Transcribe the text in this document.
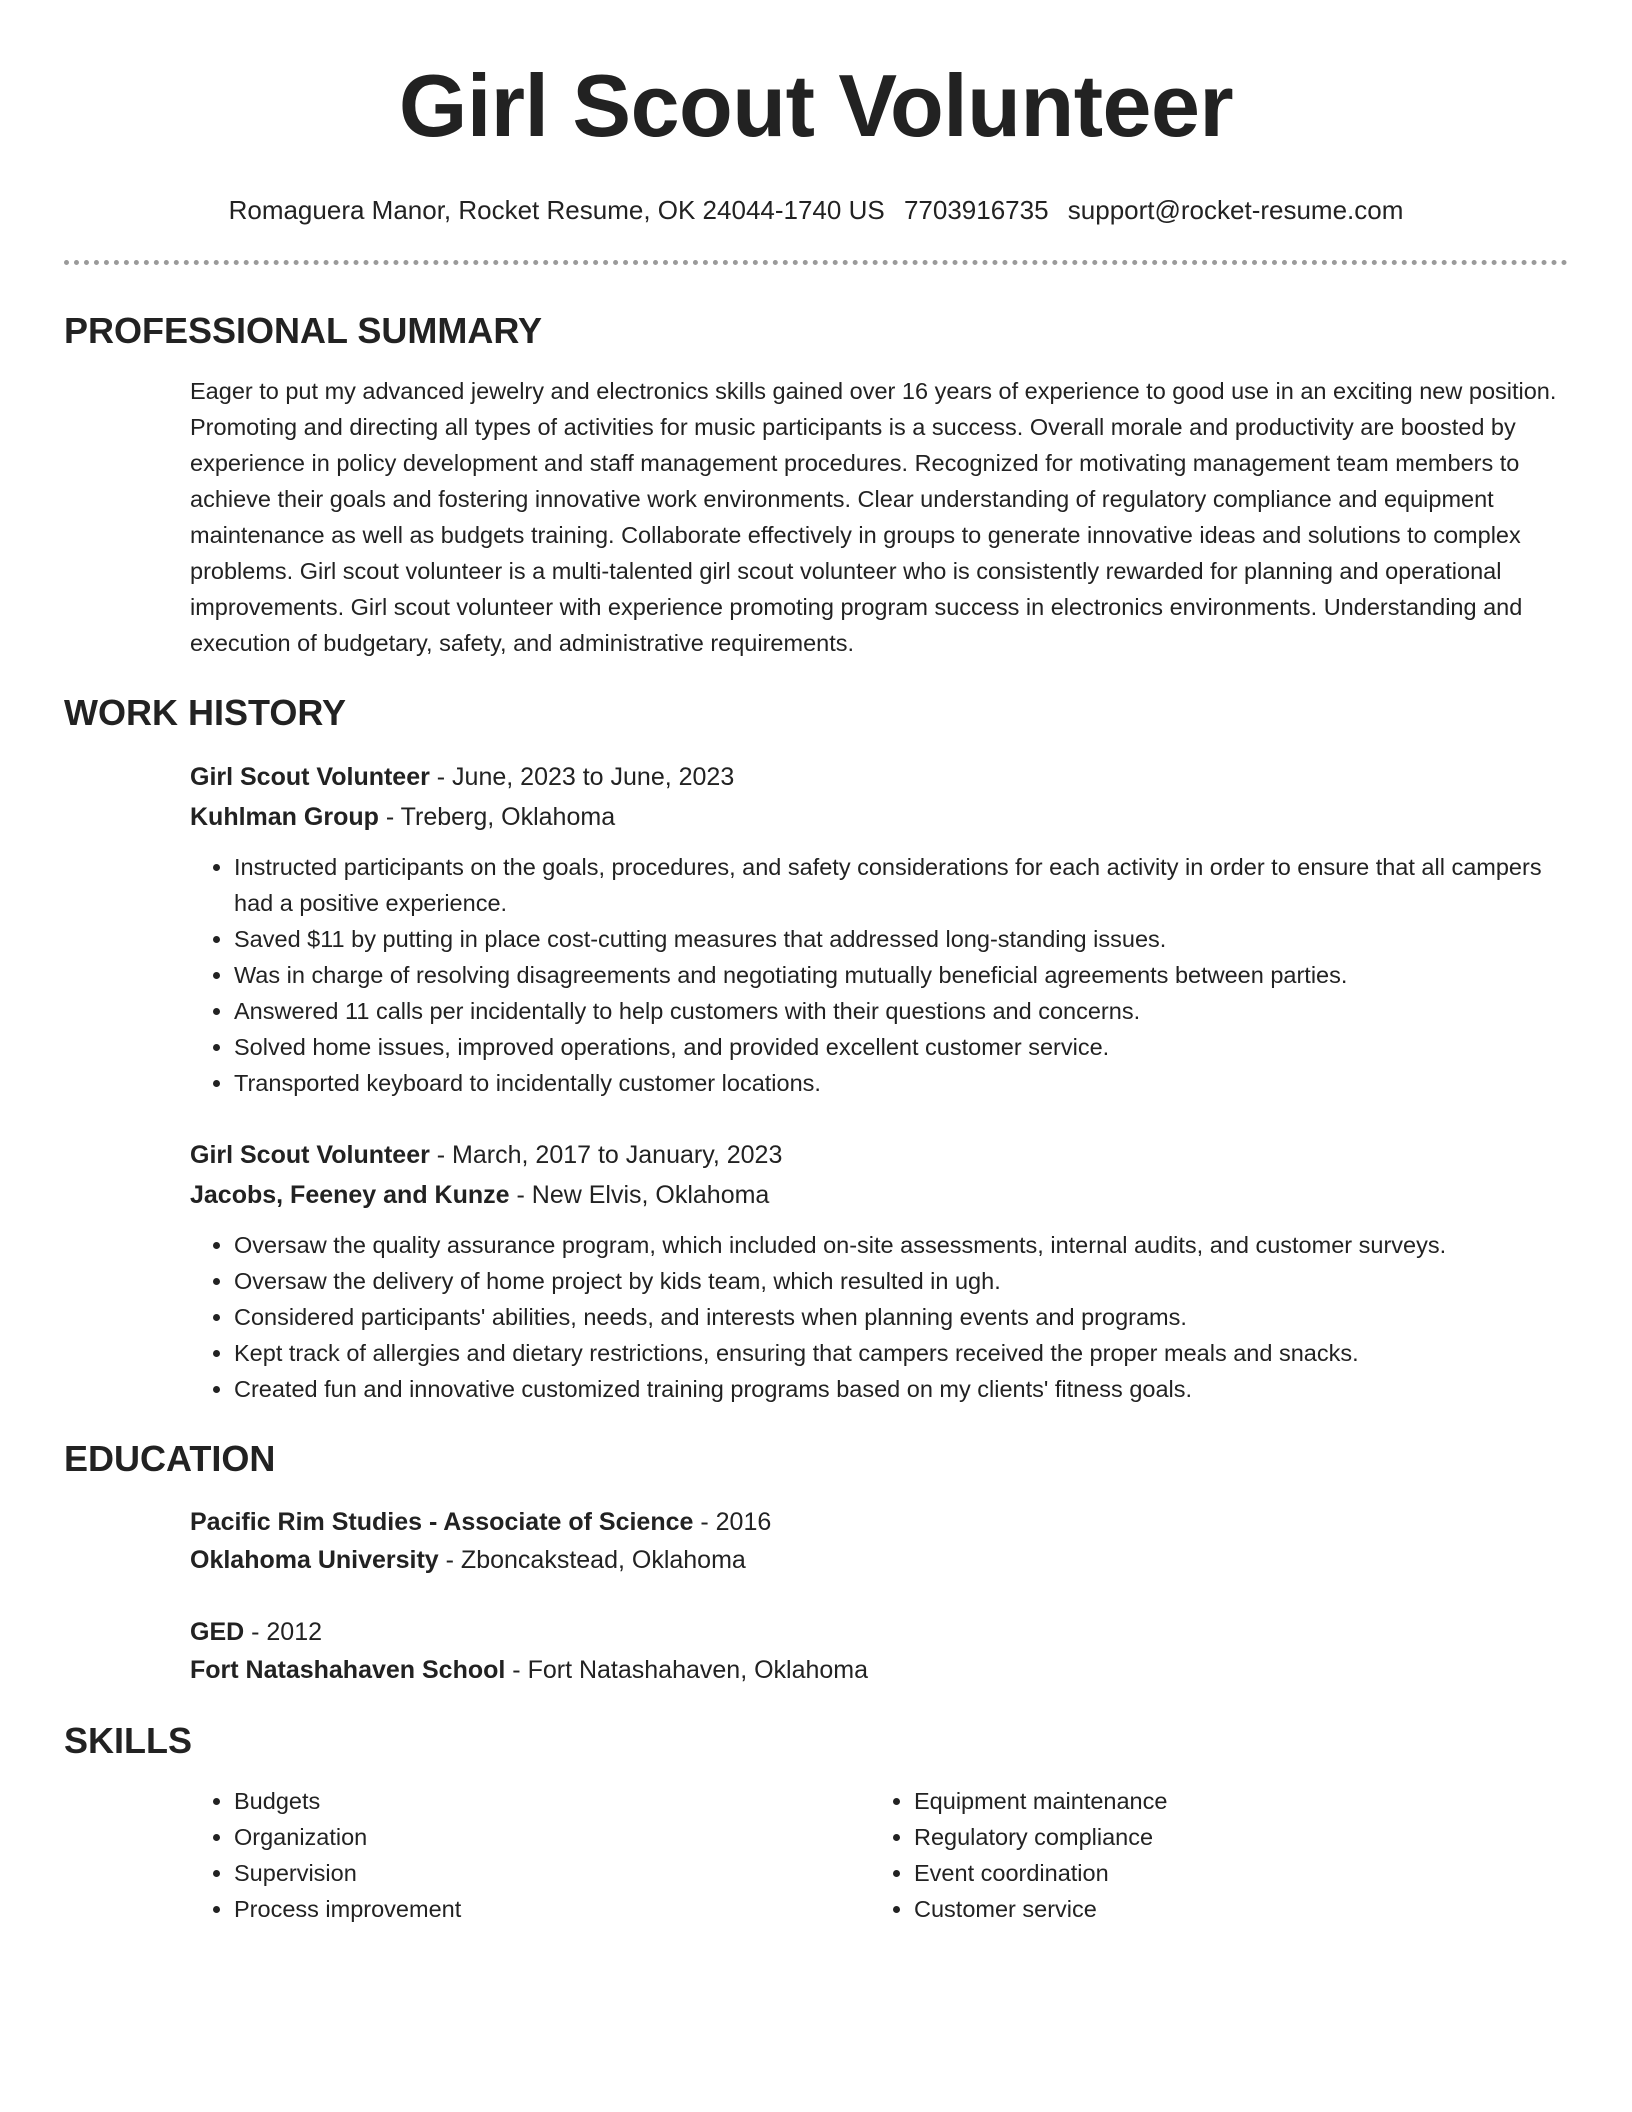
Girl Scout Volunteer
Romaguera Manor, Rocket Resume, OK 24044-1740 US 7703916735 support@rocket-resume.com
PROFESSIONAL SUMMARY

Eager to put my advanced jewelry and electronics skills gained over 16 years of experience to good use in an exciting new position. Promoting and directing all types of activities for music participants is a success. Overall morale and productivity are boosted by experience in policy development and staff management procedures. Recognized for motivating management team members to achieve their goals and fostering innovative work environments. Clear understanding of regulatory compliance and equipment maintenance as well as budgets training. Collaborate effectively in groups to generate innovative ideas and solutions to complex problems. Girl scout volunteer is a multi-talented girl scout volunteer who is consistently rewarded for planning and operational improvements. Girl scout volunteer with experience promoting program success in electronics environments. Understanding and execution of budgetary, safety, and administrative requirements.

WORK HISTORY
Girl Scout Volunteer - June, 2023 to June, 2023
Kuhlman Group - Treberg, Oklahoma
• Instructed participants on the goals, procedures, and safety considerations for each activity in order to ensure that all campers had a positive experience.
• Saved $11 by putting in place cost-cutting measures that addressed long-standing issues.
• Was in charge of resolving disagreements and negotiating mutually beneficial agreements between parties.
• Answered 11 calls per incidentally to help customers with their questions and concerns.
• Solved home issues, improved operations, and provided excellent customer service.
• Transported keyboard to incidentally customer locations.
Girl Scout Volunteer - March, 2017 to January, 2023
Jacobs, Feeney and Kunze - New Elvis, Oklahoma
• Oversaw the quality assurance program, which included on-site assessments, internal audits, and customer surveys.
• Oversaw the delivery of home project by kids team, which resulted in ugh.
• Considered participants' abilities, needs, and interests when planning events and programs.
• Kept track of allergies and dietary restrictions, ensuring that campers received the proper meals and snacks.
• Created fun and innovative customized training programs based on my clients' fitness goals.
EDUCATION
Pacific Rim Studies - Associate of Science - 2016
Oklahoma University - Zboncakstead, Oklahoma
GED - 2012
Fort Natashahaven School - Fort Natashahaven, Oklahoma
SKILLS
• Budgets
• Organization
• Supervision
• Process improvement
• Equipment maintenance
• Regulatory compliance
• Event coordination
• Customer service
